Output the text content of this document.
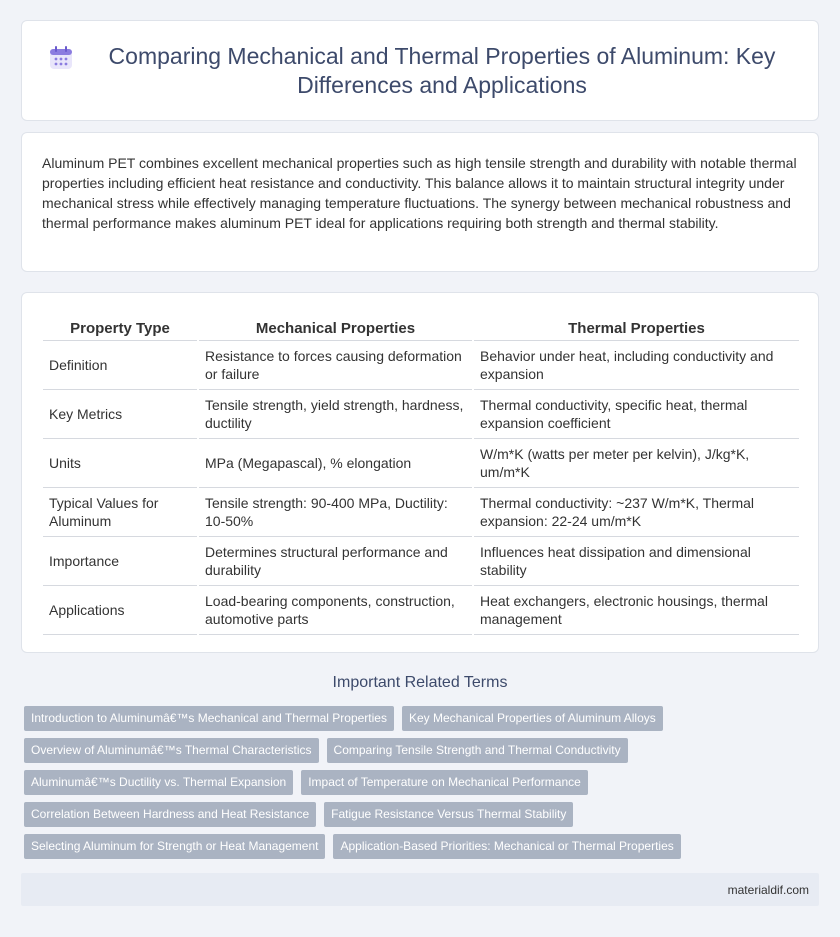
Comparing Mechanical and Thermal Properties of Aluminum: Key Differences and Applications

Aluminum PET combines excellent mechanical properties such as high tensile strength and durability with notable thermal properties including efficient heat resistance and conductivity. This balance allows it to maintain structural integrity under mechanical stress while effectively managing temperature fluctuations. The synergy between mechanical robustness and thermal performance makes aluminum PET ideal for applications requiring both strength and thermal stability.

Property Type	Mechanical Properties	Thermal Properties
Definition	Resistance to forces causing deformation or failure	Behavior under heat, including conductivity and expansion
Key Metrics	Tensile strength, yield strength, hardness, ductility	Thermal conductivity, specific heat, thermal expansion coefficient
Units	MPa (Megapascal), % elongation	W/m*K (watts per meter per kelvin), J/kg*K, um/m*K
Typical Values for Aluminum	Tensile strength: 90-400 MPa, Ductility: 10-50%	Thermal conductivity: ~237 W/m*K, Thermal expansion: 22-24 um/m*K
Importance	Determines structural performance and durability	Influences heat dissipation and dimensional stability
Applications	Load-bearing components, construction, automotive parts	Heat exchangers, electronic housings, thermal management
Important Related Terms
Introduction to Aluminumâ€™s Mechanical and Thermal Properties	Key Mechanical Properties of Aluminum Alloys
Overview of Aluminumâ€™s Thermal Characteristics	Comparing Tensile Strength and Thermal Conductivity
Aluminumâ€™s Ductility vs. Thermal Expansion	Impact of Temperature on Mechanical Performance
Correlation Between Hardness and Heat Resistance	Fatigue Resistance Versus Thermal Stability
Selecting Aluminum for Strength or Heat Management	Application-Based Priorities: Mechanical or Thermal Properties
materialdif.com
